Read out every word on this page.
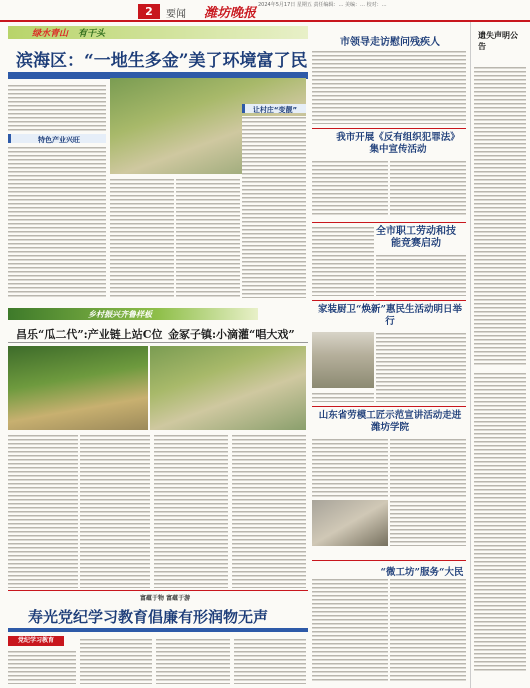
2	要闻 潍坊晚报
2024年5月17日 星期五 责任编辑：… 美编：… 校对：…
绿水青山 有干头
滨海区：“一地生多金”美了环境富了民
特色产业兴旺
让村庄“变靓”
市领导走访慰问残疾人
我市开展《反有组织犯罪法》集中宣传活动
全市职工劳动和技能竞赛启动
家装厨卫“焕新”惠民生活动明日举行
山东省劳模工匠示范宣讲活动走进潍坊学院
“微工坊”服务“大民
遗失声明公告
乡村振兴齐鲁样板
昌乐“瓜二代”:产业链上站C位 金冢子镇:小滴灌“唱大戏”
富蕴于物 富蕴于游
寿光党纪学习教育倡廉有形润物无声
党纪学习教育
